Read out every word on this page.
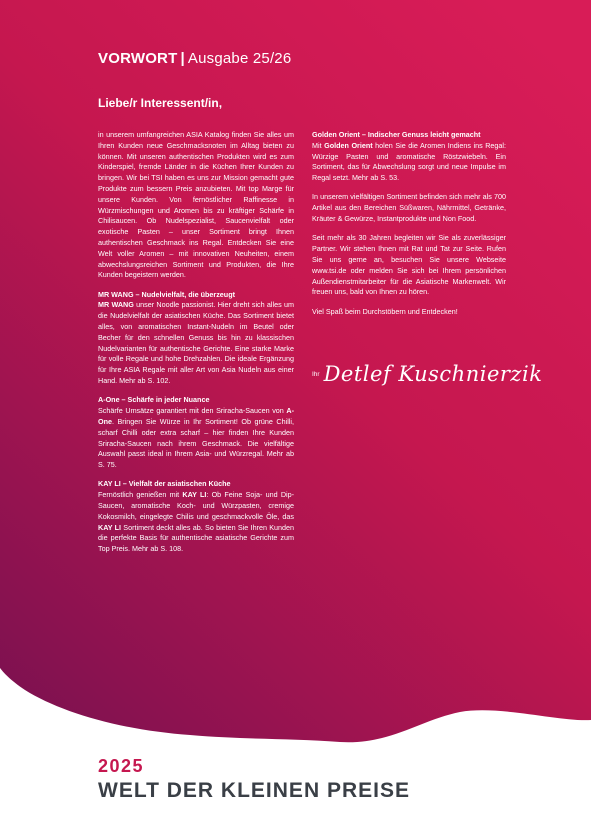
VORWORT | Ausgabe 25/26
Liebe/r Interessent/in,

in unserem umfangreichen ASIA Katalog finden Sie alles um Ihren Kunden neue Geschmacksnoten im Alltag bieten zu können. Mit unseren authentischen Produkten wird es zum Kinderspiel, fremde Länder in die Küchen Ihrer Kunden zu bringen. Wir bei TSI haben es uns zur Mission gemacht gute Produkte zum bessern Preis anzubieten. Mit top Marge für unsere Kunden. Von fernöstlicher Raffinesse in Würzmischungen und Aromen bis zu kräftiger Schärfe in Chilisaucen. Ob Nudelspezialist, Saucenvielfalt oder exotische Pasten – unser Sortiment bringt Ihnen authentischen Geschmack ins Regal. Entdecken Sie eine Welt voller Aromen – mit innovativen Neuheiten, einem abwechslungsreichen Sortiment und Produkten, die Ihre Kunden begeistern werden.

MR WANG – Nudelvielfalt, die überzeugt
MR WANG unser Noodle passionist. Hier dreht sich alles um die Nudelvielfalt der asiatischen Küche. Das Sortiment bietet alles, von aromatischen Instant-Nudeln im Beutel oder Becher für den schnellen Genuss bis hin zu klassischen Nudelvarianten für authentische Gerichte. Eine starke Marke für volle Regale und hohe Drehzahlen. Die ideale Ergänzung für Ihre ASIA Regale mit aller Art von Asia Nudeln aus einer Hand. Mehr ab S. 102.

A-One – Schärfe in jeder Nuance
Schärfe Umsätze garantiert mit den Sriracha-Saucen von A-One. Bringen Sie Würze in Ihr Sortiment! Ob grüne Chilli, scharf Chilli oder extra scharf – hier finden Ihre Kunden Sriracha-Saucen nach ihrem Geschmack. Die vielfältige Auswahl passt ideal in Ihrem Asia- und Würzregal. Mehr ab S. 75.

KAY LI – Vielfalt der asiatischen Küche
Fernöstlich genießen mit KAY LI: Ob Feine Soja- und Dip-Saucen, aromatische Koch- und Würzpasten, cremige Kokosmilch, eingelegte Chilis und geschmackvolle Öle, das KAY LI Sortiment deckt alles ab. So bieten Sie Ihren Kunden die perfekte Basis für authentische asiatische Gerichte zum Top Preis. Mehr ab S. 108.

Golden Orient – Indischer Genuss leicht gemacht
Mit Golden Orient holen Sie die Aromen Indiens ins Regal: Würzige Pasten und aromatische Röstzwiebeln. Ein Sortiment, das für Abwechslung sorgt und neue Impulse im Regal setzt. Mehr ab S. 53.

In unserem vielfältigen Sortiment befinden sich mehr als 700 Artikel aus den Bereichen Süßwaren, Nährmittel, Getränke, Kräuter & Gewürze, Instantprodukte und Non Food.

Seit mehr als 30 Jahren begleiten wir Sie als zuverlässiger Partner. Wir stehen Ihnen mit Rat und Tat zur Seite. Rufen Sie uns gerne an, besuchen Sie unsere Webseite www.tsi.de oder melden Sie sich bei Ihrem persönlichen Außendienstmitarbeiter für die Asiatische Markenwelt. Wir freuen uns, bald von Ihnen zu hören.

Viel Spaß beim Durchstöbern und Entdecken!

Ihr Detlef Kuschnierzik
2025
WELT DER KLEINEN PREISE
